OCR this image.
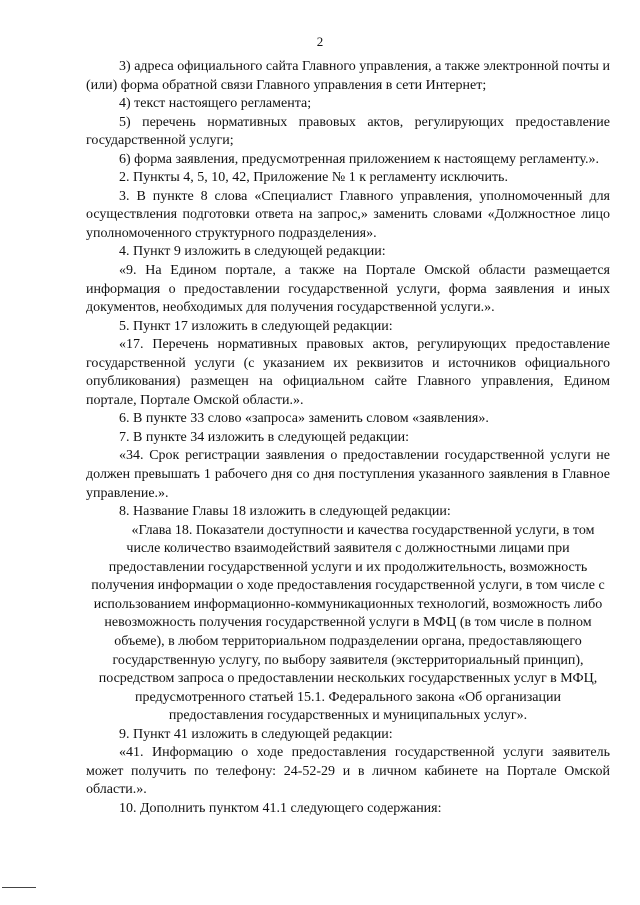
2

3) адреса официального сайта Главного управления, а также электронной почты и (или) форма обратной связи Главного управления в сети Интернет;

4) текст настоящего регламента;

5) перечень нормативных правовых актов, регулирующих предоставление государственной услуги;

6) форма заявления, предусмотренная приложением к настоящему регламенту.».

2. Пункты 4, 5, 10, 42, Приложение № 1 к регламенту исключить.

3. В пункте 8 слова «Специалист Главного управления, уполномоченный для осуществления подготовки ответа на запрос,» заменить словами «Должностное лицо уполномоченного структурного подразделения».

4. Пункт 9 изложить в следующей редакции:

«9. На Едином портале, а также на Портале Омской области размещается информация о предоставлении государственной услуги, форма заявления и иных документов, необходимых для получения государственной услуги.».

5. Пункт 17 изложить в следующей редакции:

«17. Перечень нормативных правовых актов, регулирующих предоставление государственной услуги (с указанием их реквизитов и источников официального опубликования) размещен на официальном сайте Главного управления, Едином портале, Портале Омской области.».

6. В пункте 33 слово «запроса» заменить словом «заявления».

7. В пункте 34 изложить в следующей редакции:

«34. Срок регистрации заявления о предоставлении государственной услуги не должен превышать 1 рабочего дня со дня поступления указанного заявления в Главное управление.».

8. Название Главы 18 изложить в следующей редакции:

«Глава 18. Показатели доступности и качества государственной услуги, в том числе количество взаимодействий заявителя с должностными лицами при предоставлении государственной услуги и их продолжительность, возможность получения информации о ходе предоставления государственной услуги, в том числе с использованием информационно-коммуникационных технологий, возможность либо невозможность получения государственной услуги в МФЦ (в том числе в полном объеме), в любом территориальном подразделении органа, предоставляющего государственную услугу, по выбору заявителя (экстерриториальный принцип), посредством запроса о предоставлении нескольких государственных услуг в МФЦ, предусмотренного статьей 15.1. Федерального закона «Об организации предоставления государственных и муниципальных услуг».

9. Пункт 41 изложить в следующей редакции:

«41. Информацию о ходе предоставления государственной услуги заявитель может получить по телефону: 24-52-29 и в личном кабинете на Портале Омской области.».

10. Дополнить пунктом 41.1 следующего содержания:
